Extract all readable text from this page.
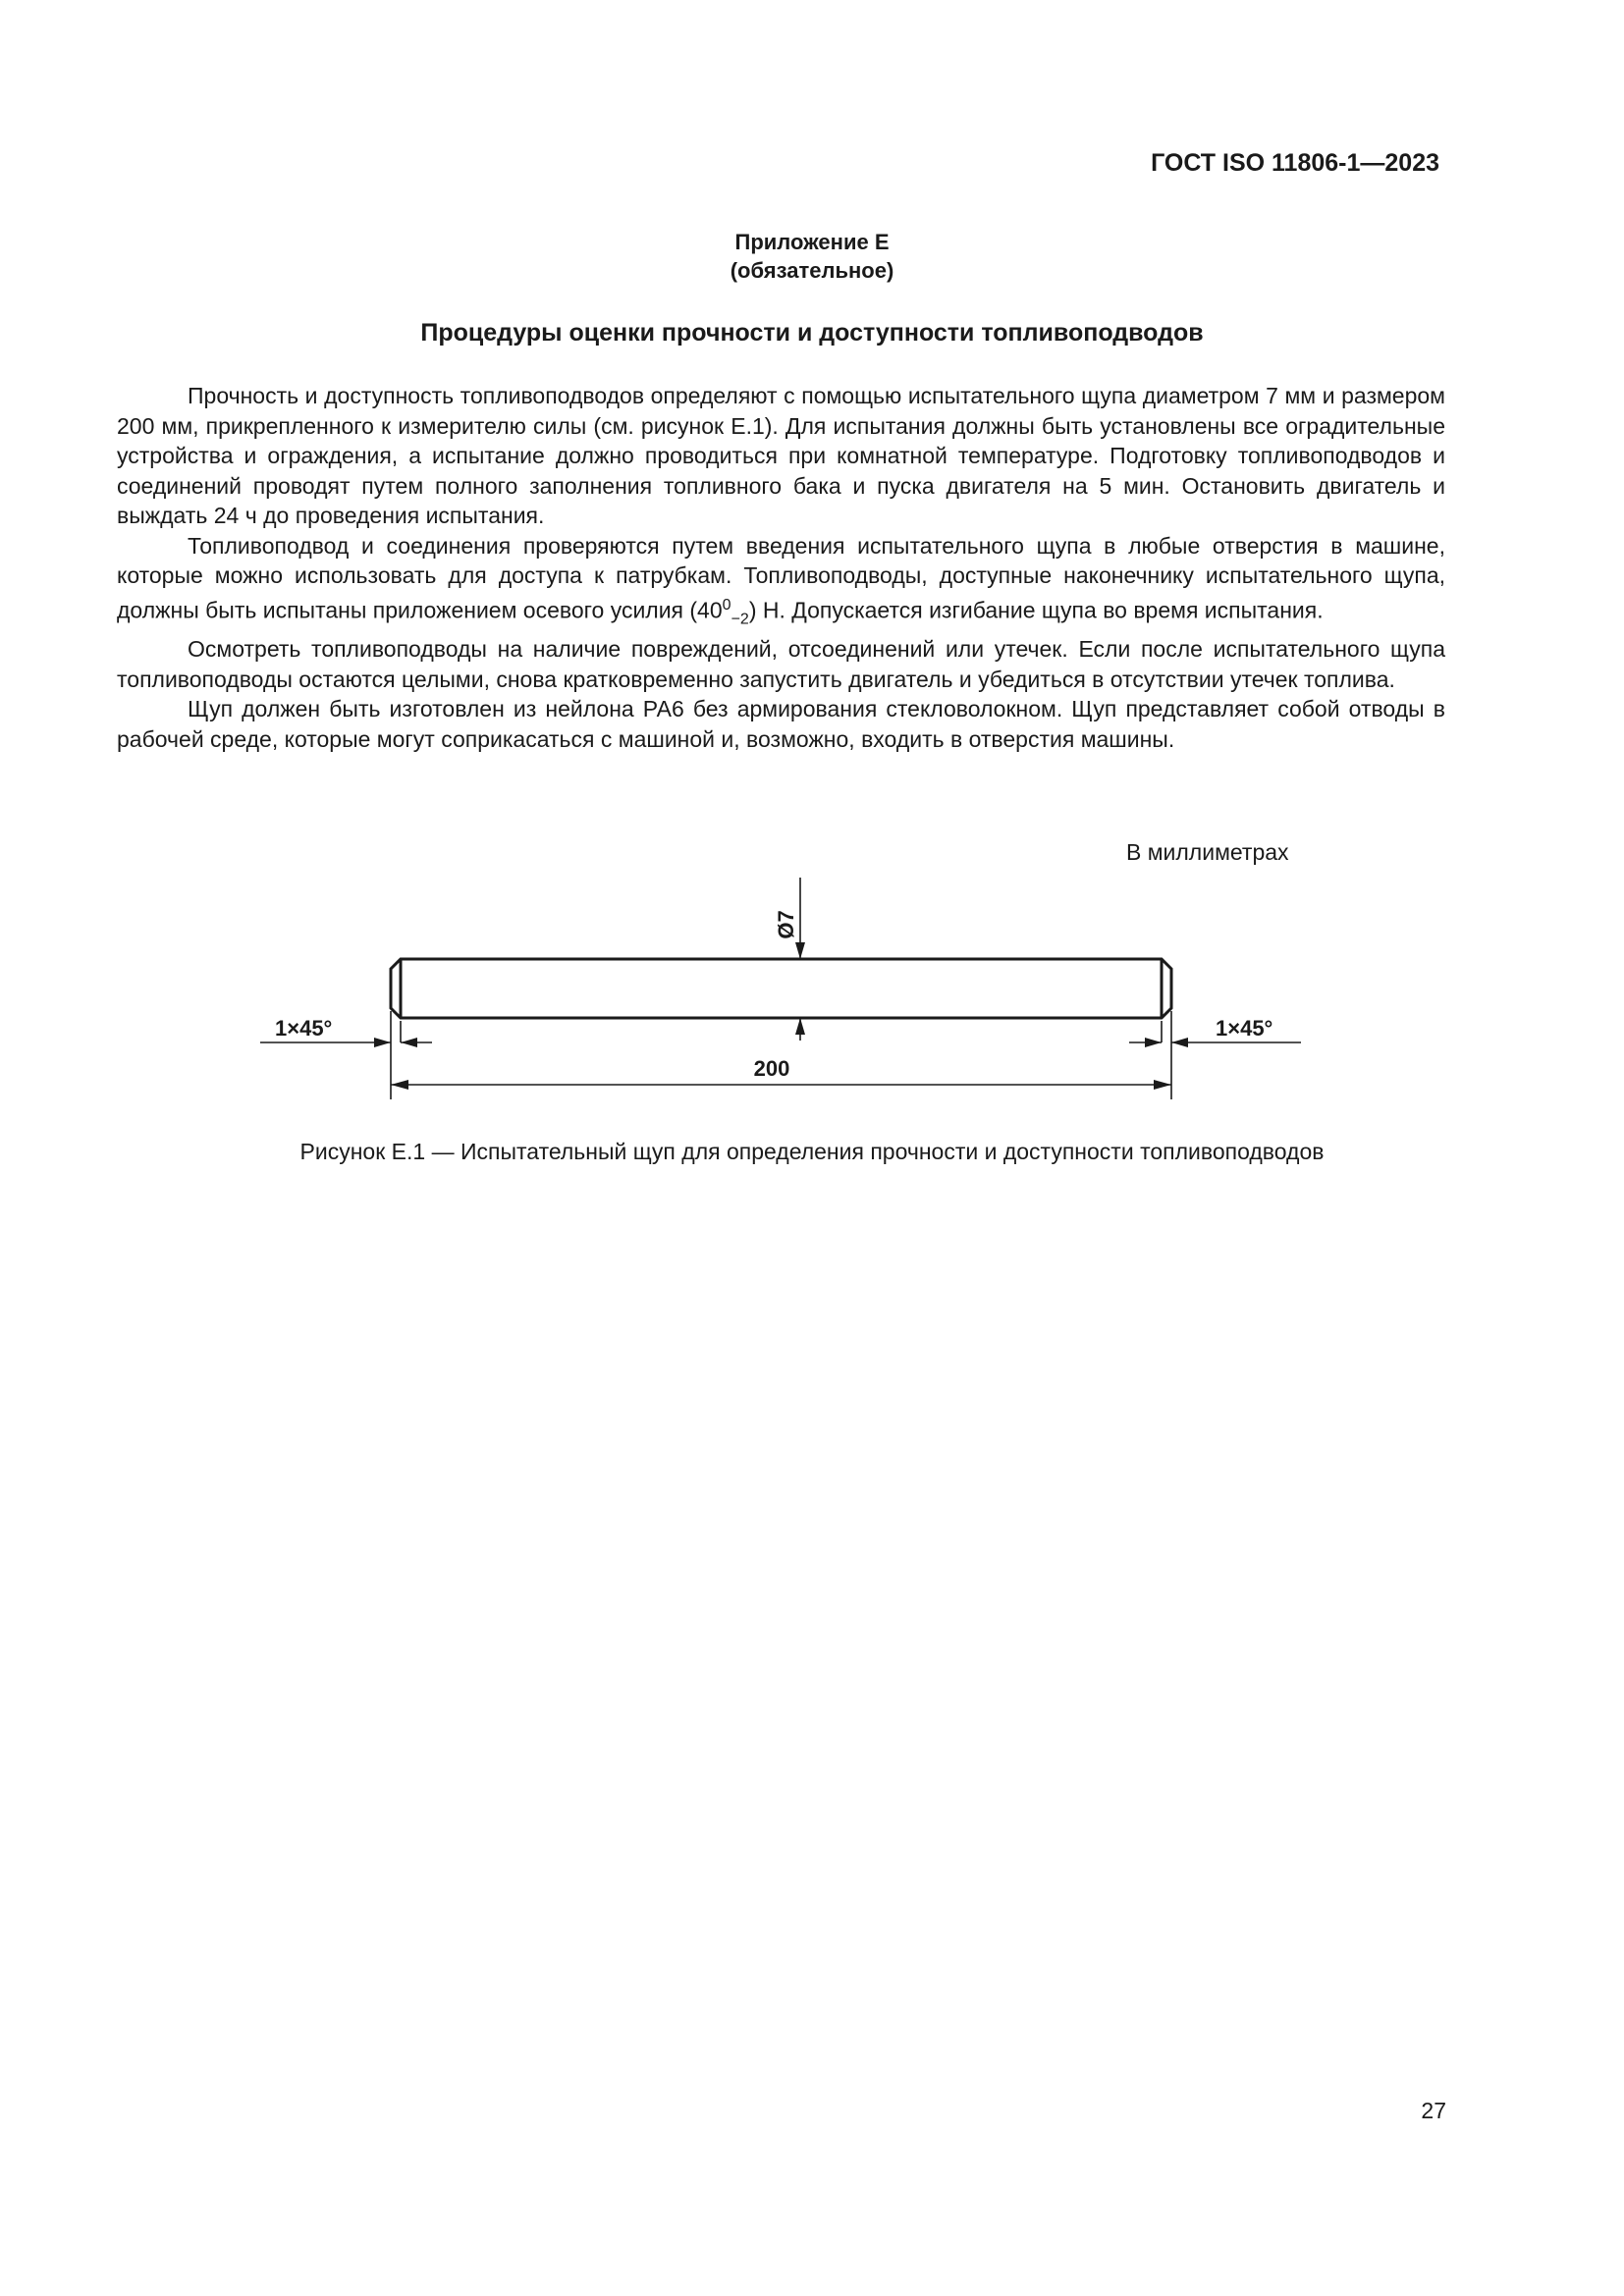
ГОСТ ISO 11806-1—2023

Приложение Е
(обязательное)

Процедуры оценки прочности и доступности топливоподводов

Прочность и доступность топливоподводов определяют с помощью испытательного щупа диаметром 7 мм и размером 200 мм, прикрепленного к измерителю силы (см. рисунок Е.1). Для испытания должны быть установлены все оградительные устройства и ограждения, а испытание должно проводиться при комнатной температуре. Подготовку топливоподводов и соединений проводят путем полного заполнения топливного бака и пуска двигателя на 5 мин. Остановить двигатель и выждать 24 ч до проведения испытания.

Топливоподвод и соединения проверяются путем введения испытательного щупа в любые отверстия в машине, которые можно использовать для доступа к патрубкам. Топливоподводы, доступные наконечнику испытательного щупа, должны быть испытаны приложением осевого усилия $(40^0_{-2})$ Н. Допускается изгибание щупа во время испытания.

Осмотреть топливоподводы на наличие повреждений, отсоединений или утечек. Если после испытательного щупа топливоподводы остаются целыми, снова кратковременно запустить двигатель и убедиться в отсутствии утечек топлива.

Щуп должен быть изготовлен из нейлона РА6 без армирования стекловолокном. Щуп представляет собой отводы в рабочей среде, которые могут соприкасаться с машиной и, возможно, входить в отверстия машины.

В миллиметрах

Ø7
1×45°	1×45°
200

Рисунок Е.1 — Испытательный щуп для определения прочности и доступности топливоподводов

27
